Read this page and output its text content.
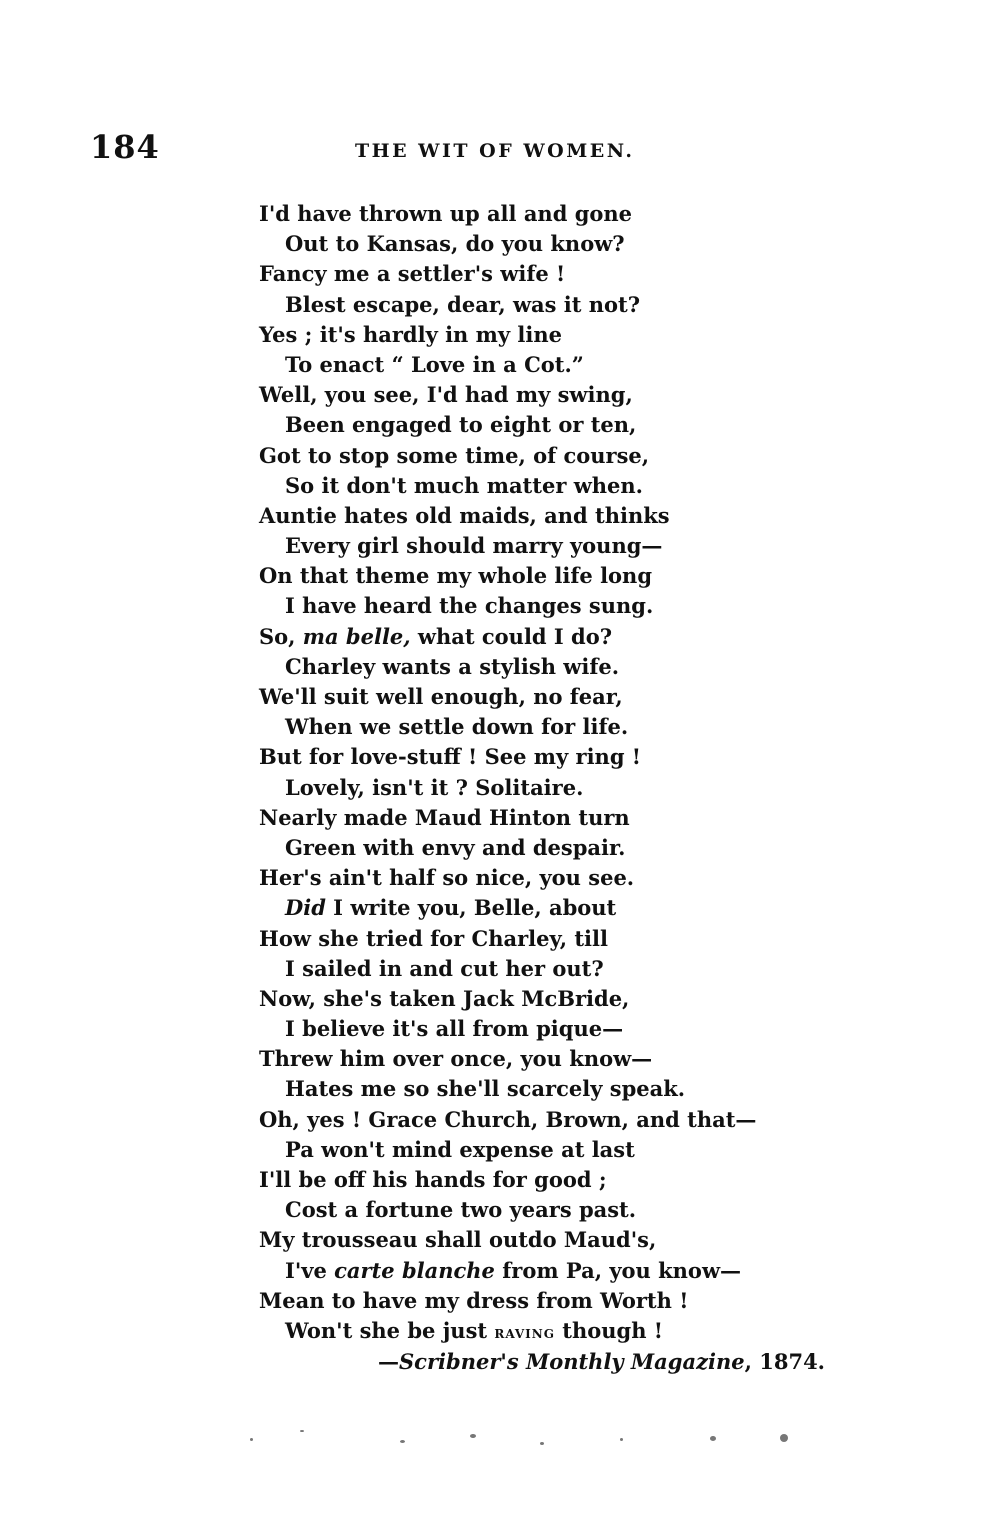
184	THE WIT OF WOMEN.
I'd have thrown up all and gone
Out to Kansas, do you know?
Fancy me a settler's wife !
Blest escape, dear, was it not?
Yes ; it's hardly in my line
To enact “ Love in a Cot.”
Well, you see, I'd had my swing,
Been engaged to eight or ten,
Got to stop some time, of course,
So it don't much matter when.
Auntie hates old maids, and thinks
Every girl should marry young—
On that theme my whole life long
I have heard the changes sung.
So, ma belle, what could I do?
Charley wants a stylish wife.
We'll suit well enough, no fear,
When we settle down for life.
But for love-stuff ! See my ring !
Lovely, isn't it ? Solitaire.
Nearly made Maud Hinton turn
Green with envy and despair.
Her's ain't half so nice, you see.
Did I write you, Belle, about
How she tried for Charley, till
I sailed in and cut her out?
Now, she's taken Jack McBride,
I believe it's all from pique—
Threw him over once, you know—
Hates me so she'll scarcely speak.
Oh, yes ! Grace Church, Brown, and that—
Pa won't mind expense at last
I'll be off his hands for good ;
Cost a fortune two years past.
My trousseau shall outdo Maud's,
I've carte blanche from Pa, you know—
Mean to have my dress from Worth !
Won't she be just raving though !
—Scribner's Monthly Magazine, 1874.
